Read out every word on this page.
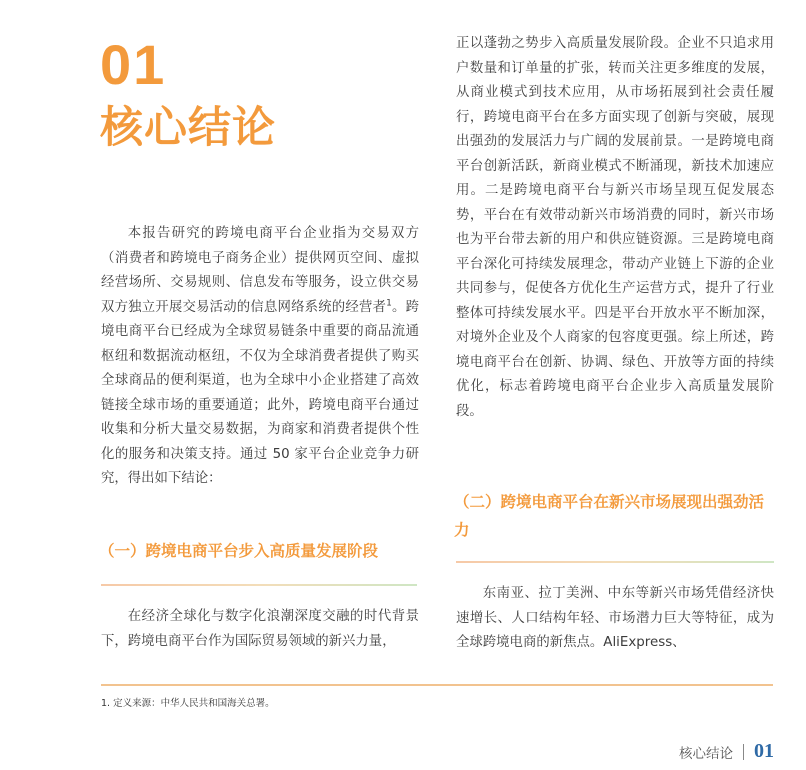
01
核心结论

本报告研究的跨境电商平台企业指为交易双方（消费者和跨境电子商务企业）提供网页空间、虚拟经营场所、交易规则、信息发布等服务，设立供交易双方独立开展交易活动的信息网络系统的经营者$^1$。跨境电商平台已经成为全球贸易链条中重要的商品流通枢纽和数据流动枢纽，不仅为全球消费者提供了购买全球商品的便利渠道，也为全球中小企业搭建了高效链接全球市场的重要通道；此外，跨境电商平台通过收集和分析大量交易数据，为商家和消费者提供个性化的服务和决策支持。通过 50 家平台企业竞争力研究，得出如下结论：

（一）跨境电商平台步入高质量发展阶段

在经济全球化与数字化浪潮深度交融的时代背景下，跨境电商平台作为国际贸易领域的新兴力量，

正以蓬勃之势步入高质量发展阶段。企业不只追求用户数量和订单量的扩张，转而关注更多维度的发展，从商业模式到技术应用，从市场拓展到社会责任履行，跨境电商平台在多方面实现了创新与突破，展现出强劲的发展活力与广阔的发展前景。一是跨境电商平台创新活跃，新商业模式不断涌现，新技术加速应用。二是跨境电商平台与新兴市场呈现互促发展态势，平台在有效带动新兴市场消费的同时，新兴市场也为平台带去新的用户和供应链资源。三是跨境电商平台深化可持续发展理念，带动产业链上下游的企业共同参与，促使各方优化生产运营方式，提升了行业整体可持续发展水平。四是平台开放水平不断加深，对境外企业及个人商家的包容度更强。综上所述，跨境电商平台在创新、协调、绿色、开放等方面的持续优化，标志着跨境电商平台企业步入高质量发展阶段。

（二）跨境电商平台在新兴市场展现出强劲活力

东南亚、拉丁美洲、中东等新兴市场凭借经济快速增长、人口结构年轻、市场潜力巨大等特征，成为全球跨境电商的新焦点。AliExpress、

1. 定义来源：中华人民共和国海关总署。
核心结论 01
